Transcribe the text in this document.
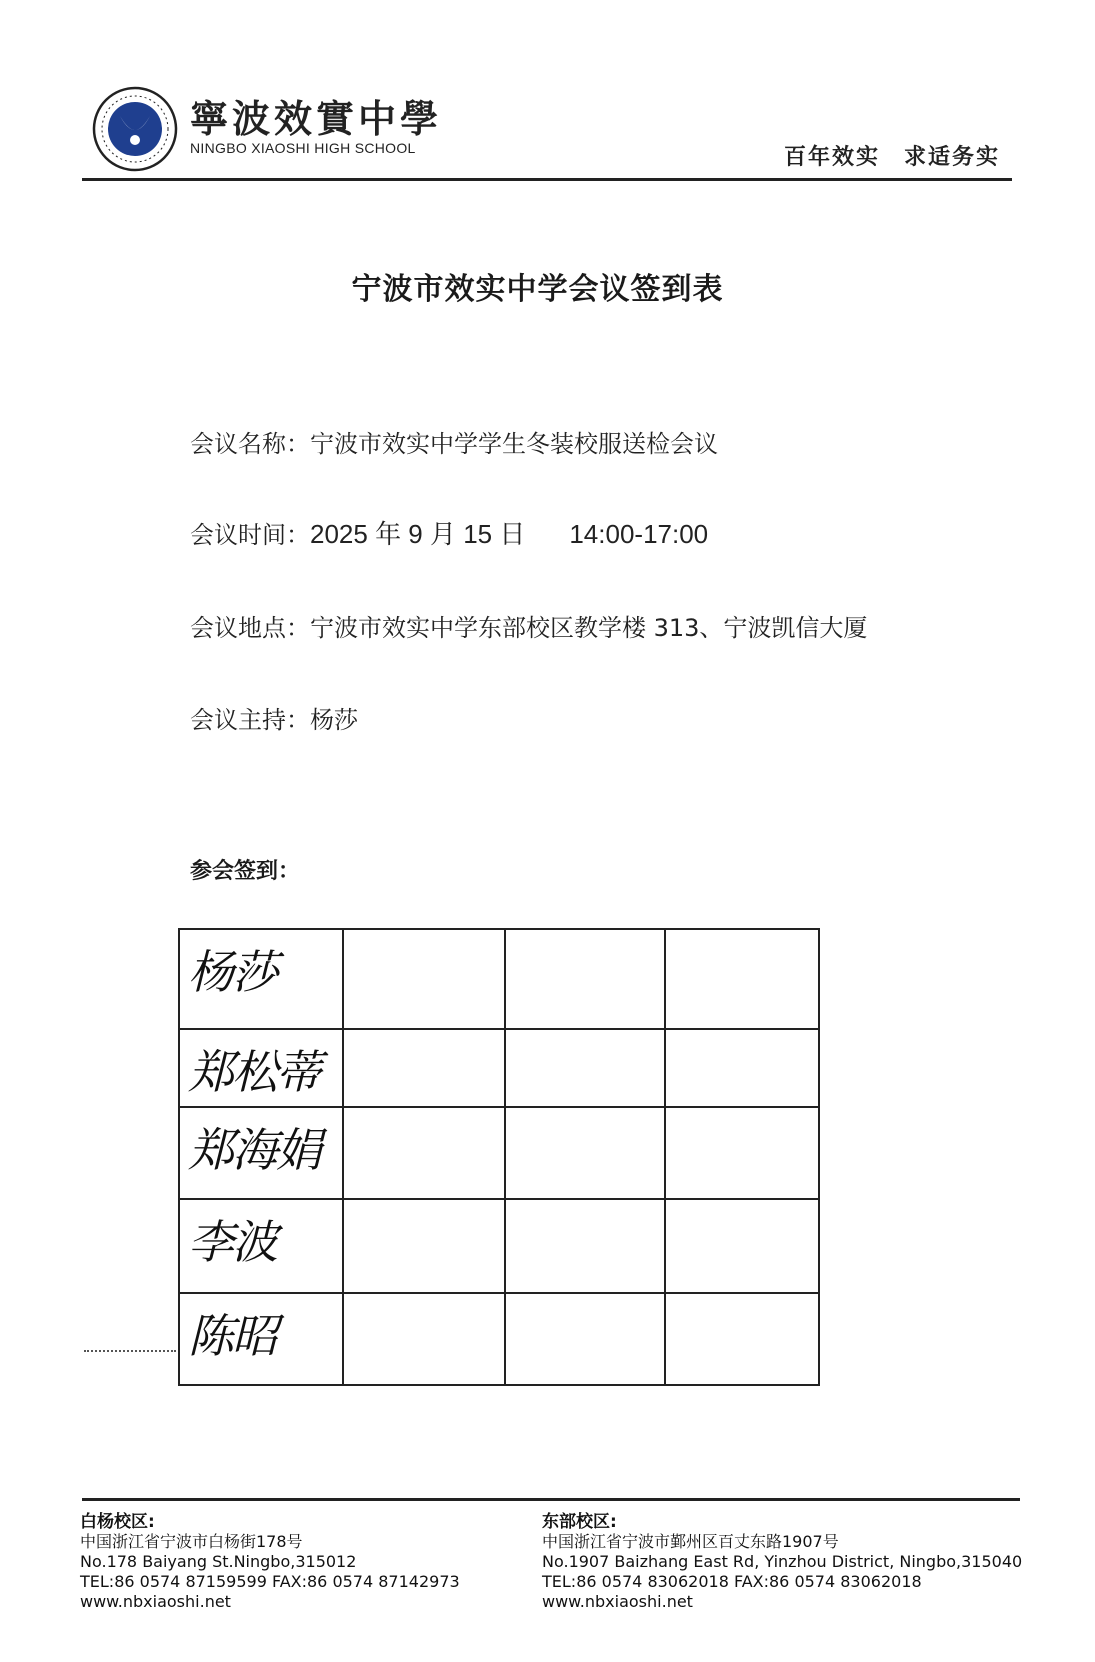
寧波效實中學
NINGBO XIAOSHI HIGH SCHOOL	百年效实　求适务实
宁波市效实中学会议签到表
会议名称：宁波市效实中学学生冬装校服送检会议
会议时间：2025 年 9 月 15 日 14:00-17:00
会议地点：宁波市效实中学东部校区教学楼 313、宁波凯信大厦
会议主持：杨莎
参会签到：
杨莎			

郑松蒂			

郑海娟			

李波			

陈昭			

白杨校区:
中国浙江省宁波市白杨街178号
No.178 Baiyang St.Ningbo,315012
TEL:86 0574 87159599 FAX:86 0574 87142973
www.nbxiaoshi.net
东部校区:
中国浙江省宁波市鄞州区百丈东路1907号
No.1907 Baizhang East Rd, Yinzhou District, Ningbo,315040
TEL:86 0574 83062018 FAX:86 0574 83062018
www.nbxiaoshi.net
